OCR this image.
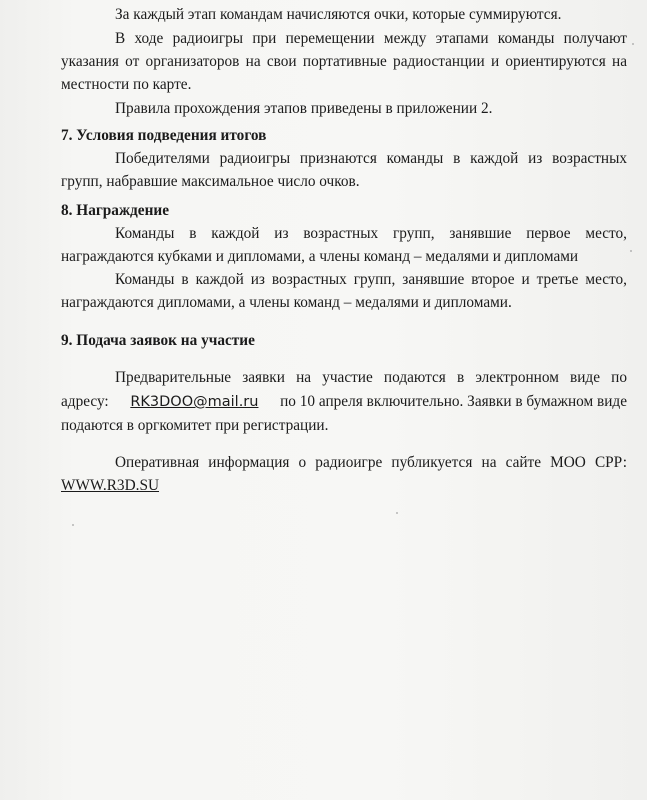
За каждый этап командам начисляются очки, которые суммируются.
В ходе радиоигры при перемещении между этапами команды получают
указания от организаторов на свои портативные радиостанции и ориентируются на
местности по карте.
Правила прохождения этапов приведены в приложении 2.
7. Условия подведения итогов
Победителями радиоигры признаются команды в каждой из возрастных
групп, набравшие максимальное число очков.
8. Награждение
Команды в каждой из возрастных групп, занявшие первое место,
награждаются кубками и дипломами, а члены команд – медалями и дипломами
Команды в каждой из возрастных групп, занявшие второе и третье место,
награждаются дипломами, а члены команд – медалями и дипломами.
9. Подача заявок на участие
Предварительные заявки на участие подаются в электронном виде по
адресу: RK3DOO@mail.ru по 10 апреля включительно. Заявки в бумажном виде
подаются в оргкомитет при регистрации.
Оперативная информация о радиоигре публикуется на сайте МОО СРР:
WWW.R3D.SU
